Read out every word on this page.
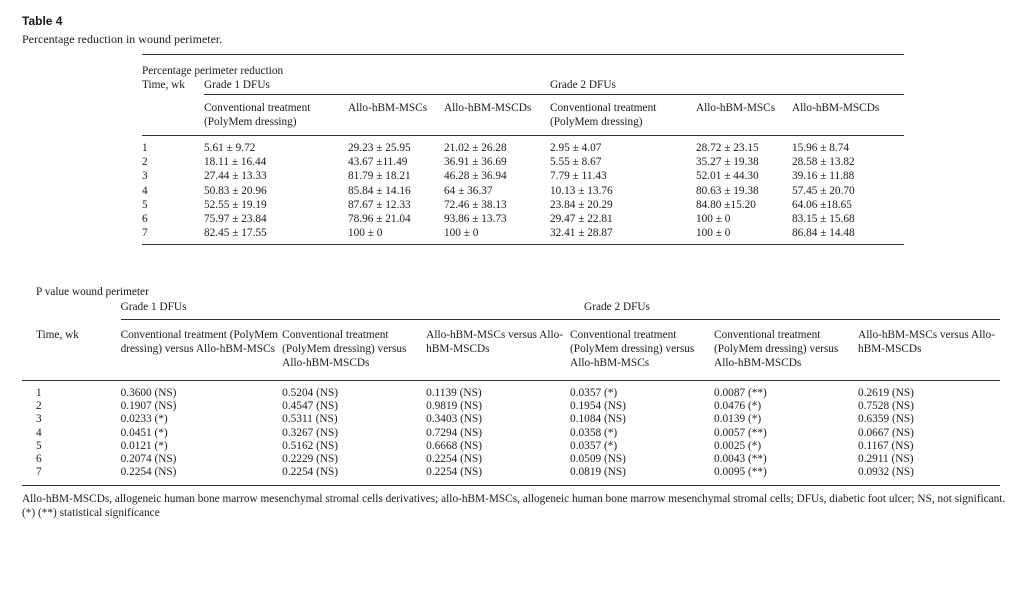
Table 4
Percentage reduction in wound perimeter.
Percentage perimeter reduction						
Time, wk	Grade 1 DFUs			Grade 2 DFUs		
	Conventional treatment (PolyMem dressing)	Allo-hBM-MSCs	Allo-hBM-MSCDs	Conventional treatment (PolyMem dressing)	Allo-hBM-MSCs	Allo-hBM-MSCDs
1	5.61 ± 9.72	29.23 ± 25.95	21.02 ± 26.28	2.95 ± 4.07	28.72 ± 23.15	15.96 ± 8.74
2	18.11 ± 16.44	43.67 ±11.49	36.91 ± 36.69	5.55 ± 8.67	35.27 ± 19.38	28.58 ± 13.82
3	27.44 ± 13.33	81.79 ± 18.21	46.28 ± 36.94	7.79 ± 11.43	52.01 ± 44.30	39.16 ± 11.88
4	50.83 ± 20.96	85.84 ± 14.16	64 ± 36.37	10.13 ± 13.76	80.63 ± 19.38	57.45 ± 20.70
5	52.55 ± 19.19	87.67 ± 12.33	72.46 ± 38.13	23.84 ± 20.29	84.80 ±15.20	64.06 ±18.65
6	75.97 ± 23.84	78.96 ± 21.04	93.86 ± 13.73	29.47 ± 22.81	100 ± 0	83.15 ± 15.68
7	82.45 ± 17.55	100 ± 0	100 ± 0	32.41 ± 28.87	100 ± 0	86.84 ± 14.48
P value wound perimeter
	Grade 1 DFUs			Grade 2 DFUs		
Time, wk	Conventional treatment (PolyMem dressing) versus Allo-hBM-MSCs	Conventional treatment (PolyMem dressing) versus Allo-hBM-MSCDs	Allo-hBM-MSCs versus Allo-hBM-MSCDs	Conventional treatment (PolyMem dressing) versus Allo-hBM-MSCs	Conventional treatment (PolyMem dressing) versus Allo-hBM-MSCDs	Allo-hBM-MSCs versus Allo-hBM-MSCDs
1	0.3600 (NS)	0.5204 (NS)	0.1139 (NS)	0.0357 (*)	0.0087 (**)	0.2619 (NS)
2	0.1907 (NS)	0.4547 (NS)	0.9819 (NS)	0.1954 (NS)	0.0476 (*)	0.7528 (NS)
3	0.0233 (*)	0.5311 (NS)	0.3403 (NS)	0.1084 (NS)	0.0139 (*)	0.6359 (NS)
4	0.0451 (*)	0.3267 (NS)	0.7294 (NS)	0.0358 (*)	0.0057 (**)	0.0667 (NS)
5	0.0121 (*)	0.5162 (NS)	0.6668 (NS)	0.0357 (*)	0.0025 (*)	0.1167 (NS)
6	0.2074 (NS)	0.2229 (NS)	0.2254 (NS)	0.0509 (NS)	0.0043 (**)	0.2911 (NS)
7	0.2254 (NS)	0.2254 (NS)	0.2254 (NS)	0.0819 (NS)	0.0095 (**)	0.0932 (NS)
Allo-hBM-MSCDs, allogeneic human bone marrow mesenchymal stromal cells derivatives; allo-hBM-MSCs, allogeneic human bone marrow mesenchymal stromal cells; DFUs, diabetic foot ulcer; NS, not significant.
(*) (**) statistical significance
